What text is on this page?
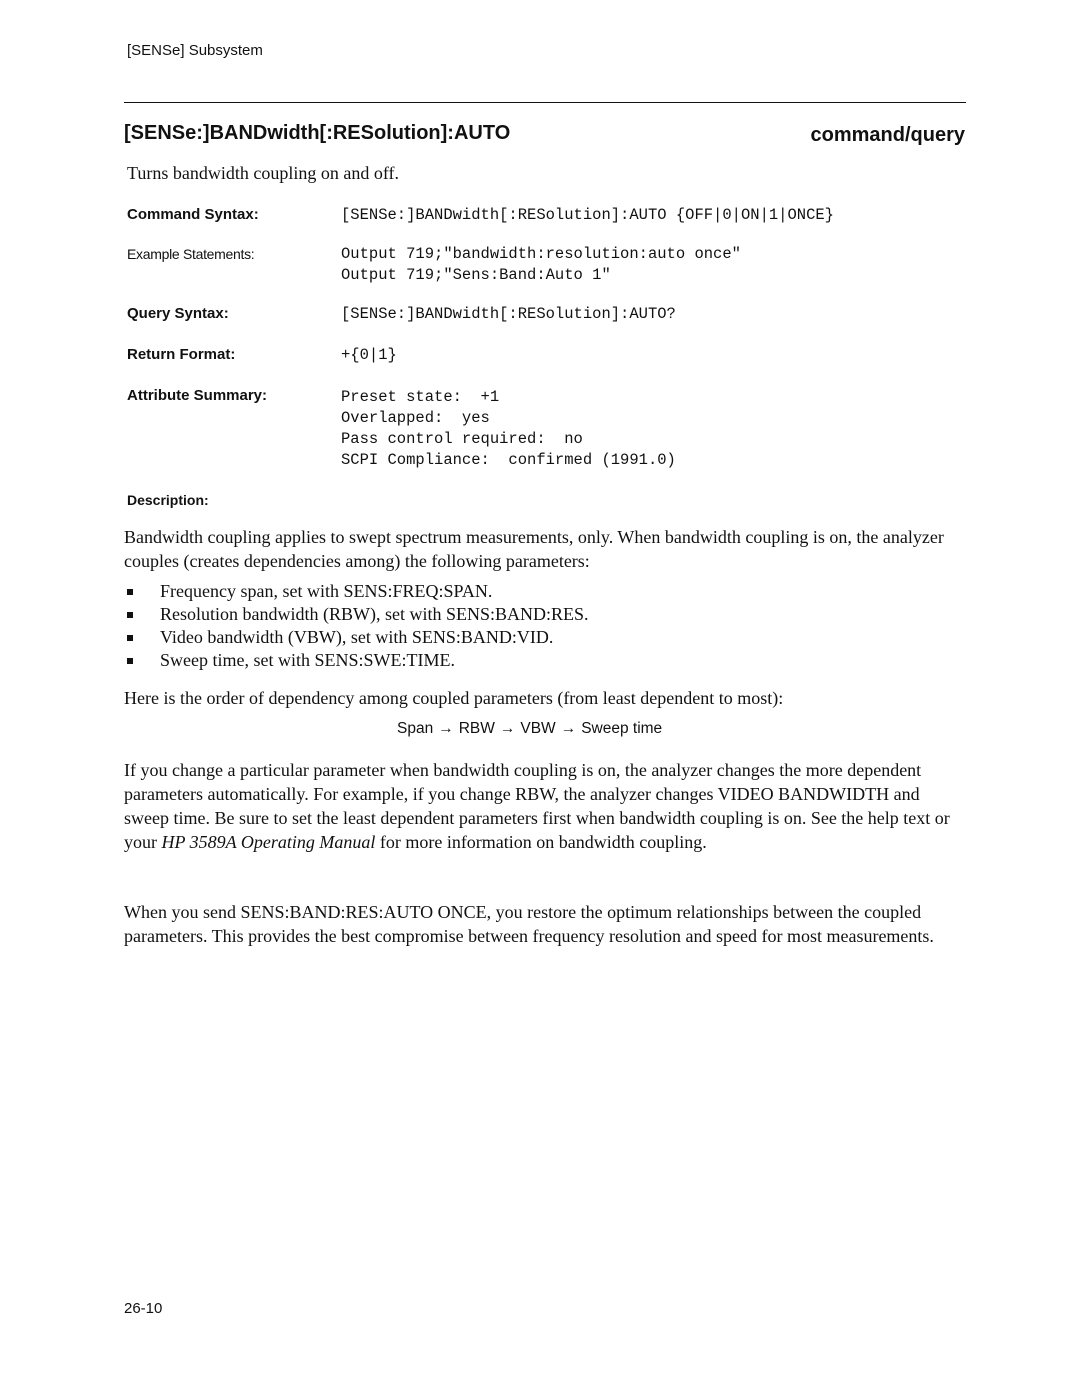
[SENSe] Subsystem
[SENSe:]BANDwidth[:RESolution]:AUTO	command/query
Turns bandwidth coupling on and off.
Command Syntax:	[SENSe:]BANDwidth[:RESolution]:AUTO {OFF|0|ON|1|ONCE}
Example Statements:	Output 719;"bandwidth:resolution:auto once"
Output 719;"Sens:Band:Auto 1"
Query Syntax:	[SENSe:]BANDwidth[:RESolution]:AUTO?
Return Format:	+{0|1}
Attribute Summary:	Preset state:  +1
Overlapped:  yes
Pass control required:  no
SCPI Compliance:  confirmed (1991.0)
Description:
Bandwidth coupling applies to swept spectrum measurements, only. When bandwidth coupling is on, the analyzer couples (creates dependencies among) the following parameters:
Frequency span, set with SENS:FREQ:SPAN.
Resolution bandwidth (RBW), set with SENS:BAND:RES.
Video bandwidth (VBW), set with SENS:BAND:VID.
Sweep time, set with SENS:SWE:TIME.
Here is the order of dependency among coupled parameters (from least dependent to most):
Span → RBW → VBW → Sweep time
If you change a particular parameter when bandwidth coupling is on, the analyzer changes the more dependent parameters automatically. For example, if you change RBW, the analyzer changes VIDEO BANDWIDTH and sweep time. Be sure to set the least dependent parameters first when bandwidth coupling is on. See the help text or your HP 3589A Operating Manual for more information on bandwidth coupling.
When you send SENS:BAND:RES:AUTO ONCE, you restore the optimum relationships between the coupled parameters. This provides the best compromise between frequency resolution and speed for most measurements.
26-10
